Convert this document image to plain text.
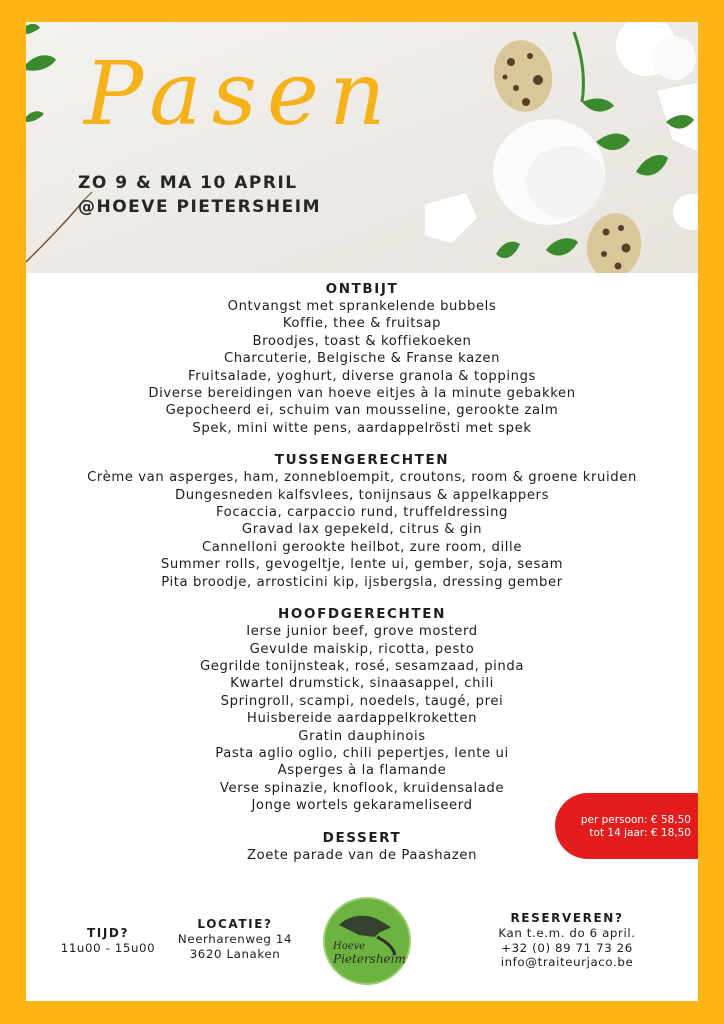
Pasen

ZO 9 & MA 10 APRIL

@HOEVE PIETERSHEIM

ONTBIJT

Ontvangst met sprankelende bubbels

Koffie, thee & fruitsap

Broodjes, toast & koffiekoeken

Charcuterie, Belgische & Franse kazen

Fruitsalade, yoghurt, diverse granola & toppings

Diverse bereidingen van hoeve eitjes à la minute gebakken

Gepocheerd ei, schuim van mousseline, gerookte zalm

Spek, mini witte pens, aardappelrösti met spek

TUSSENGERECHTEN

Crème van asperges, ham, zonnebloempit, croutons, room & groene kruiden

Dungesneden kalfsvlees, tonijnsaus & appelkappers

Focaccia, carpaccio rund, truffeldressing

Gravad lax gepekeld, citrus & gin

Cannelloni gerookte heilbot, zure room, dille

Summer rolls, gevogeltje, lente ui, gember, soja, sesam

Pita broodje, arrosticini kip, ijsbergsla, dressing gember

HOOFDGERECHTEN

Ierse junior beef, grove mosterd

Gevulde maiskip, ricotta, pesto

Gegrilde tonijnsteak, rosé, sesamzaad, pinda

Kwartel drumstick, sinaasappel, chili

Springroll, scampi, noedels, taugé, prei

Huisbereide aardappelkroketten

Gratin dauphinois

Pasta aglio oglio, chili pepertjes, lente ui

Asperges à la flamande

Verse spinazie, knoflook, kruidensalade

Jonge wortels gekarameliseerd

DESSERT

Zoete parade van de Paashazen

per persoon: € 58,50

tot 14 jaar: € 18,50

TIJD?

11u00 - 15u00

LOCATIE?

Neerharenweg 14

3620 Lanaken	Hoeve
Pietersheim

RESERVEREN?

Kan t.e.m. do 6 april.

+32 (0) 89 71 73 26

info@traiteurjaco.be
